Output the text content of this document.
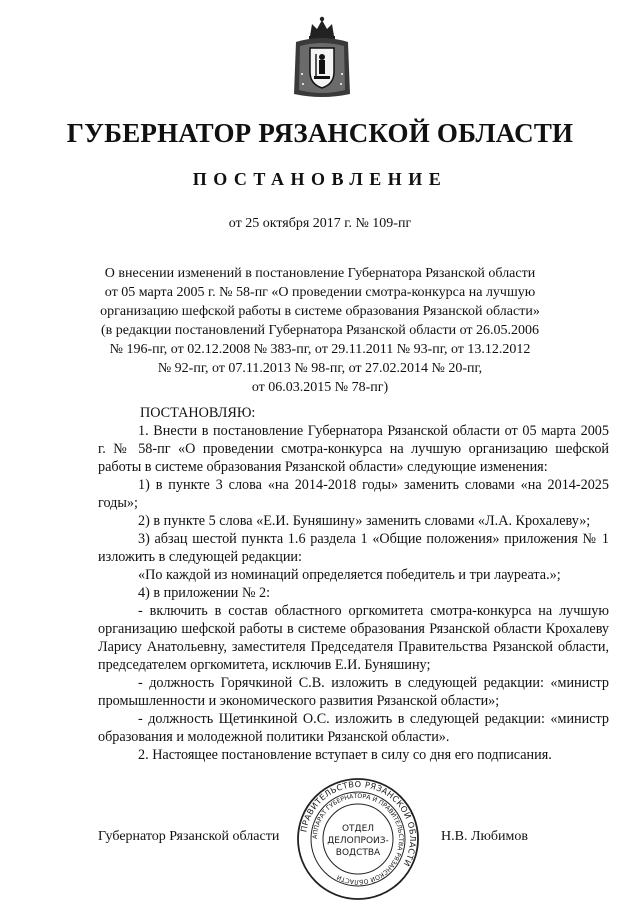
ГУБЕРНАТОР РЯЗАНСКОЙ ОБЛАСТИ
ПОСТАНОВЛЕНИЕ
от 25 октября 2017 г. № 109-пг
О внесении изменений в постановление Губернатора Рязанской области
от 05 марта 2005 г. № 58-пг «О проведении смотра-конкурса на лучшую
организацию шефской работы в системе образования Рязанской области»
(в редакции постановлений Губернатора Рязанской области от 26.05.2006
№ 196-пг, от 02.12.2008 № 383-пг, от 29.11.2011 № 93-пг, от 13.12.2012
№ 92-пг, от 07.11.2013 № 98-пг, от 27.02.2014 № 20-пг,
от 06.03.2015 № 78-пг)

ПОСТАНОВЛЯЮ:

1. Внести в постановление Губернатора Рязанской области от 05 марта 2005 г. № 58-пг «О проведении смотра-конкурса на лучшую организацию шефской работы в системе образования Рязанской области» следующие изменения:

1) в пункте 3 слова «на 2014-2018 годы» заменить словами «на 2014-2025 годы»;

2) в пункте 5 слова «Е.И. Буняшину» заменить словами «Л.А. Крохалеву»;

3) абзац шестой пункта 1.6 раздела 1 «Общие положения» приложения № 1 изложить в следующей редакции:

«По каждой из номинаций определяется победитель и три лауреата.»;

4) в приложении № 2:

- включить в состав областного оргкомитета смотра-конкурса на лучшую организацию шефской работы в системе образования Рязанской области Крохалеву Ларису Анатольевну, заместителя Председателя Правительства Рязанской области, председателем оргкомитета, исключив Е.И. Буняшину;

- должность Горячкиной С.В. изложить в следующей редакции: «министр промышленности и экономического развития Рязанской области»;

- должность Щетинкиной О.С. изложить в следующей редакции: «министр образования и молодежной политики Рязанской области».

2. Настоящее постановление вступает в силу со дня его подписания.

Губернатор Рязанской области	Н.В. Любимов
ПРАВИТЕЛЬСТВО РЯЗАНСКОЙ ОБЛАСТИ
АППАРАТ ГУБЕРНАТОРА И ПРАВИТЕЛЬСТВА РЯЗАНСКОЙ ОБЛАСТИ
ОТДЕЛ
ДЕЛОПРОИЗ-
ВОДСТВА
